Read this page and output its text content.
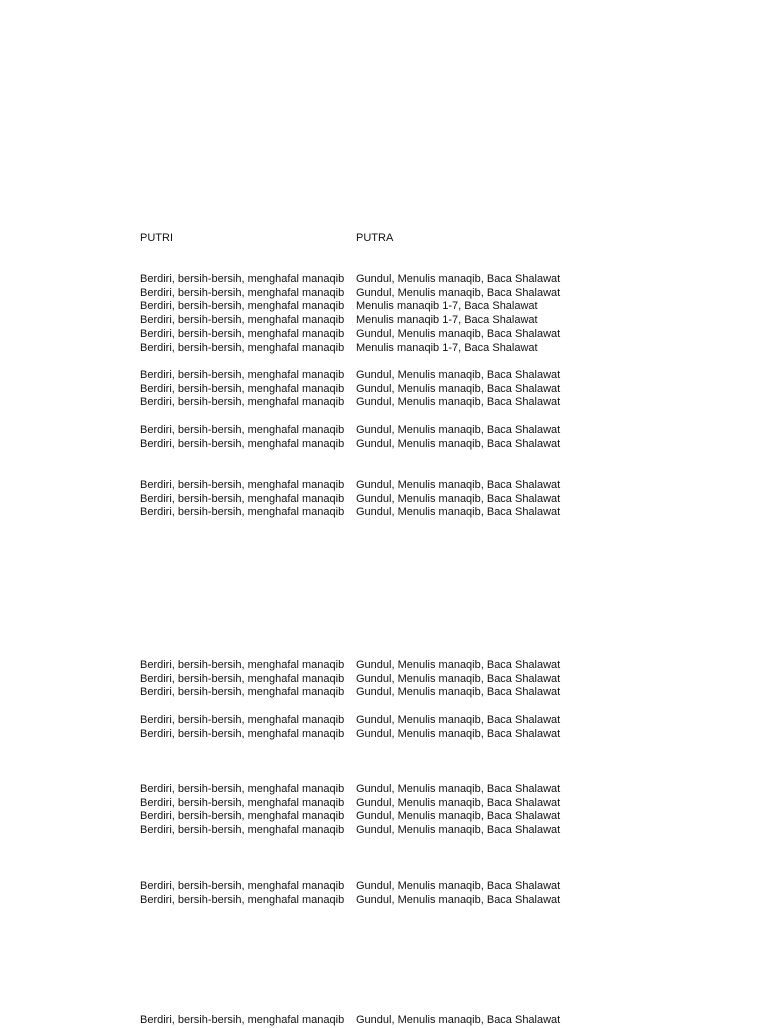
PUTRI	PUTRA
Berdiri, bersih-bersih, menghafal manaqib Gundul, Menulis manaqib, Baca Shalawat
Berdiri, bersih-bersih, menghafal manaqib Gundul, Menulis manaqib, Baca Shalawat
Berdiri, bersih-bersih, menghafal manaqib Menulis manaqib 1-7, Baca Shalawat
Berdiri, bersih-bersih, menghafal manaqib Menulis manaqib 1-7, Baca Shalawat
Berdiri, bersih-bersih, menghafal manaqib Gundul, Menulis manaqib, Baca Shalawat
Berdiri, bersih-bersih, menghafal manaqib Menulis manaqib 1-7, Baca Shalawat
Berdiri, bersih-bersih, menghafal manaqib Gundul, Menulis manaqib, Baca Shalawat
Berdiri, bersih-bersih, menghafal manaqib Gundul, Menulis manaqib, Baca Shalawat
Berdiri, bersih-bersih, menghafal manaqib Gundul, Menulis manaqib, Baca Shalawat
Berdiri, bersih-bersih, menghafal manaqib Gundul, Menulis manaqib, Baca Shalawat
Berdiri, bersih-bersih, menghafal manaqib Gundul, Menulis manaqib, Baca Shalawat
Berdiri, bersih-bersih, menghafal manaqib Gundul, Menulis manaqib, Baca Shalawat
Berdiri, bersih-bersih, menghafal manaqib Gundul, Menulis manaqib, Baca Shalawat
Berdiri, bersih-bersih, menghafal manaqib Gundul, Menulis manaqib, Baca Shalawat
Berdiri, bersih-bersih, menghafal manaqib Gundul, Menulis manaqib, Baca Shalawat
Berdiri, bersih-bersih, menghafal manaqib Gundul, Menulis manaqib, Baca Shalawat
Berdiri, bersih-bersih, menghafal manaqib Gundul, Menulis manaqib, Baca Shalawat
Berdiri, bersih-bersih, menghafal manaqib Gundul, Menulis manaqib, Baca Shalawat
Berdiri, bersih-bersih, menghafal manaqib Gundul, Menulis manaqib, Baca Shalawat
Berdiri, bersih-bersih, menghafal manaqib Gundul, Menulis manaqib, Baca Shalawat
Berdiri, bersih-bersih, menghafal manaqib Gundul, Menulis manaqib, Baca Shalawat
Berdiri, bersih-bersih, menghafal manaqib Gundul, Menulis manaqib, Baca Shalawat
Berdiri, bersih-bersih, menghafal manaqib Gundul, Menulis manaqib, Baca Shalawat
Berdiri, bersih-bersih, menghafal manaqib Gundul, Menulis manaqib, Baca Shalawat
Berdiri, bersih-bersih, menghafal manaqib Gundul, Menulis manaqib, Baca Shalawat
Berdiri, bersih-bersih, menghafal manaqib Gundul, Menulis manaqib, Baca Shalawat
